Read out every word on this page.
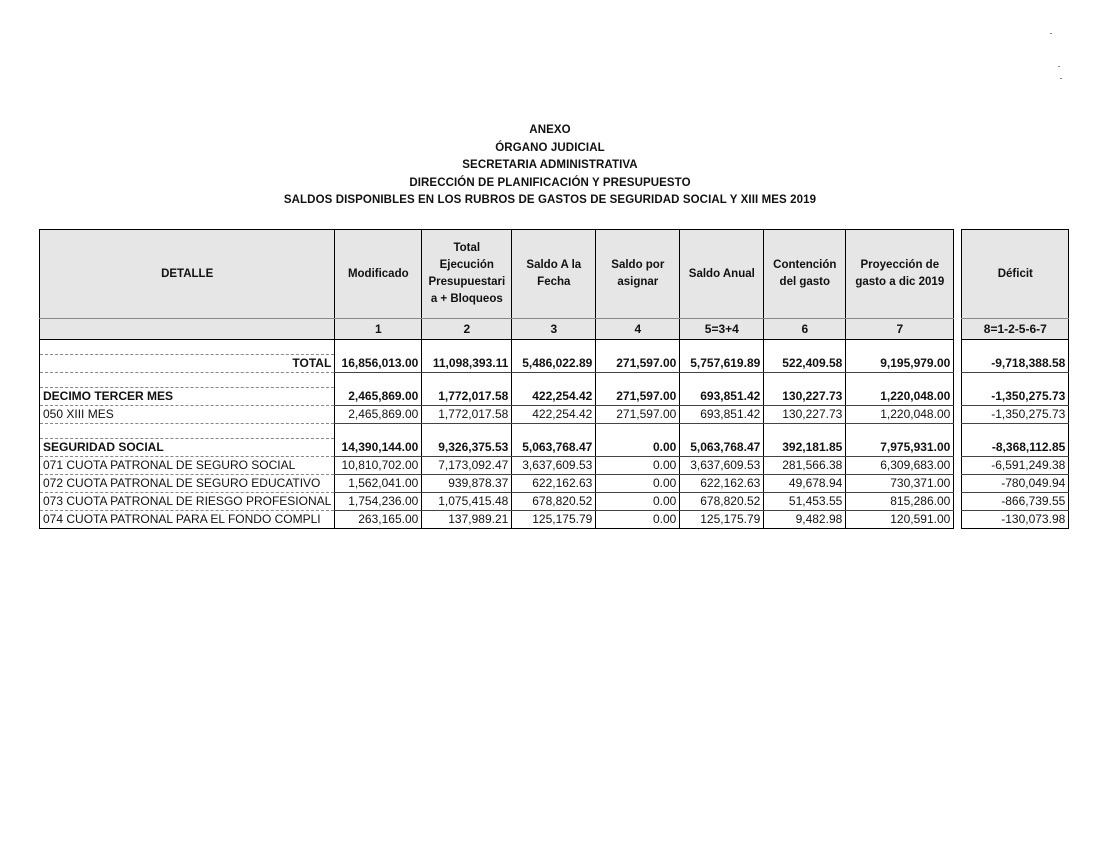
ANEXO
ÓRGANO JUDICIAL
SECRETARIA ADMINISTRATIVA
DIRECCIÓN DE PLANIFICACIÓN Y PRESUPUESTO
SALDOS DISPONIBLES EN LOS RUBROS DE GASTOS DE SEGURIDAD SOCIAL Y XIII MES 2019
DETALLE	Modificado	Total Ejecución Presupuestari a + Bloqueos	Saldo A la Fecha	Saldo por asignar	Saldo Anual	Contención del gasto	Proyección de gasto a dic 2019		Déficit
	1	2	3	4	5=3+4	6	7		8=1-2-5-6-7

TOTAL	16,856,013.00	11,098,393.11	5,486,022.89	271,597.00	5,757,619.89	522,409.58	9,195,979.00		-9,718,388.58

DECIMO TERCER MES	2,465,869.00	1,772,017.58	422,254.42	271,597.00	693,851.42	130,227.73	1,220,048.00		-1,350,275.73
050 XIII MES	2,465,869.00	1,772,017.58	422,254.42	271,597.00	693,851.42	130,227.73	1,220,048.00		-1,350,275.73

SEGURIDAD SOCIAL	14,390,144.00	9,326,375.53	5,063,768.47	0.00	5,063,768.47	392,181.85	7,975,931.00		-8,368,112.85
071 CUOTA PATRONAL DE SEGURO SOCIAL	10,810,702.00	7,173,092.47	3,637,609.53	0.00	3,637,609.53	281,566.38	6,309,683.00		-6,591,249.38
072 CUOTA PATRONAL DE SEGURO EDUCATIVO	1,562,041.00	939,878.37	622,162.63	0.00	622,162.63	49,678.94	730,371.00		-780,049.94
073 CUOTA PATRONAL DE RIESGO PROFESIONAL	1,754,236.00	1,075,415.48	678,820.52	0.00	678,820.52	51,453.55	815,286.00		-866,739.55
074 CUOTA PATRONAL PARA EL FONDO COMPLI	263,165.00	137,989.21	125,175.79	0.00	125,175.79	9,482.98	120,591.00		-130,073.98
